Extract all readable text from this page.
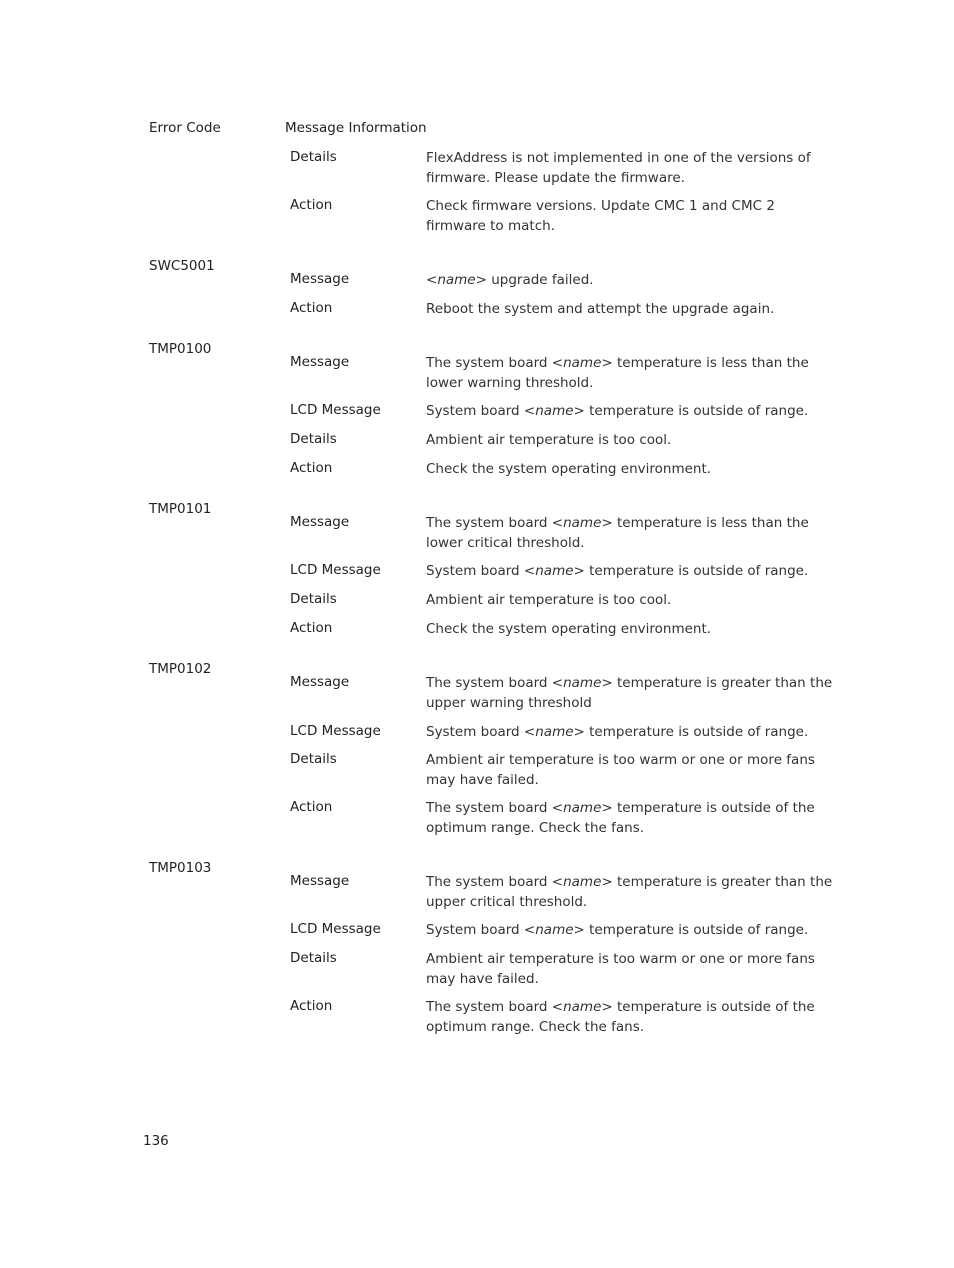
Error Code	Message Information
Details	FlexAddress is not implemented in one of the versions of firmware. Please update the firmware.
Action	Check firmware versions. Update CMC 1 and CMC 2 firmware to match.
SWC5001
Message	<name> upgrade failed.
Action	Reboot the system and attempt the upgrade again.
TMP0100
Message	The system board <name> temperature is less than the lower warning threshold.
LCD Message	System board <name> temperature is outside of range.
Details	Ambient air temperature is too cool.
Action	Check the system operating environment.
TMP0101
Message	The system board <name> temperature is less than the lower critical threshold.
LCD Message	System board <name> temperature is outside of range.
Details	Ambient air temperature is too cool.
Action	Check the system operating environment.
TMP0102
Message	The system board <name> temperature is greater than the upper warning threshold
LCD Message	System board <name> temperature is outside of range.
Details	Ambient air temperature is too warm or one or more fans may have failed.
Action	The system board <name> temperature is outside of the optimum range. Check the fans.
TMP0103
Message	The system board <name> temperature is greater than the upper critical threshold.
LCD Message	System board <name> temperature is outside of range.
Details	Ambient air temperature is too warm or one or more fans may have failed.
Action	The system board <name> temperature is outside of the optimum range. Check the fans.
136
